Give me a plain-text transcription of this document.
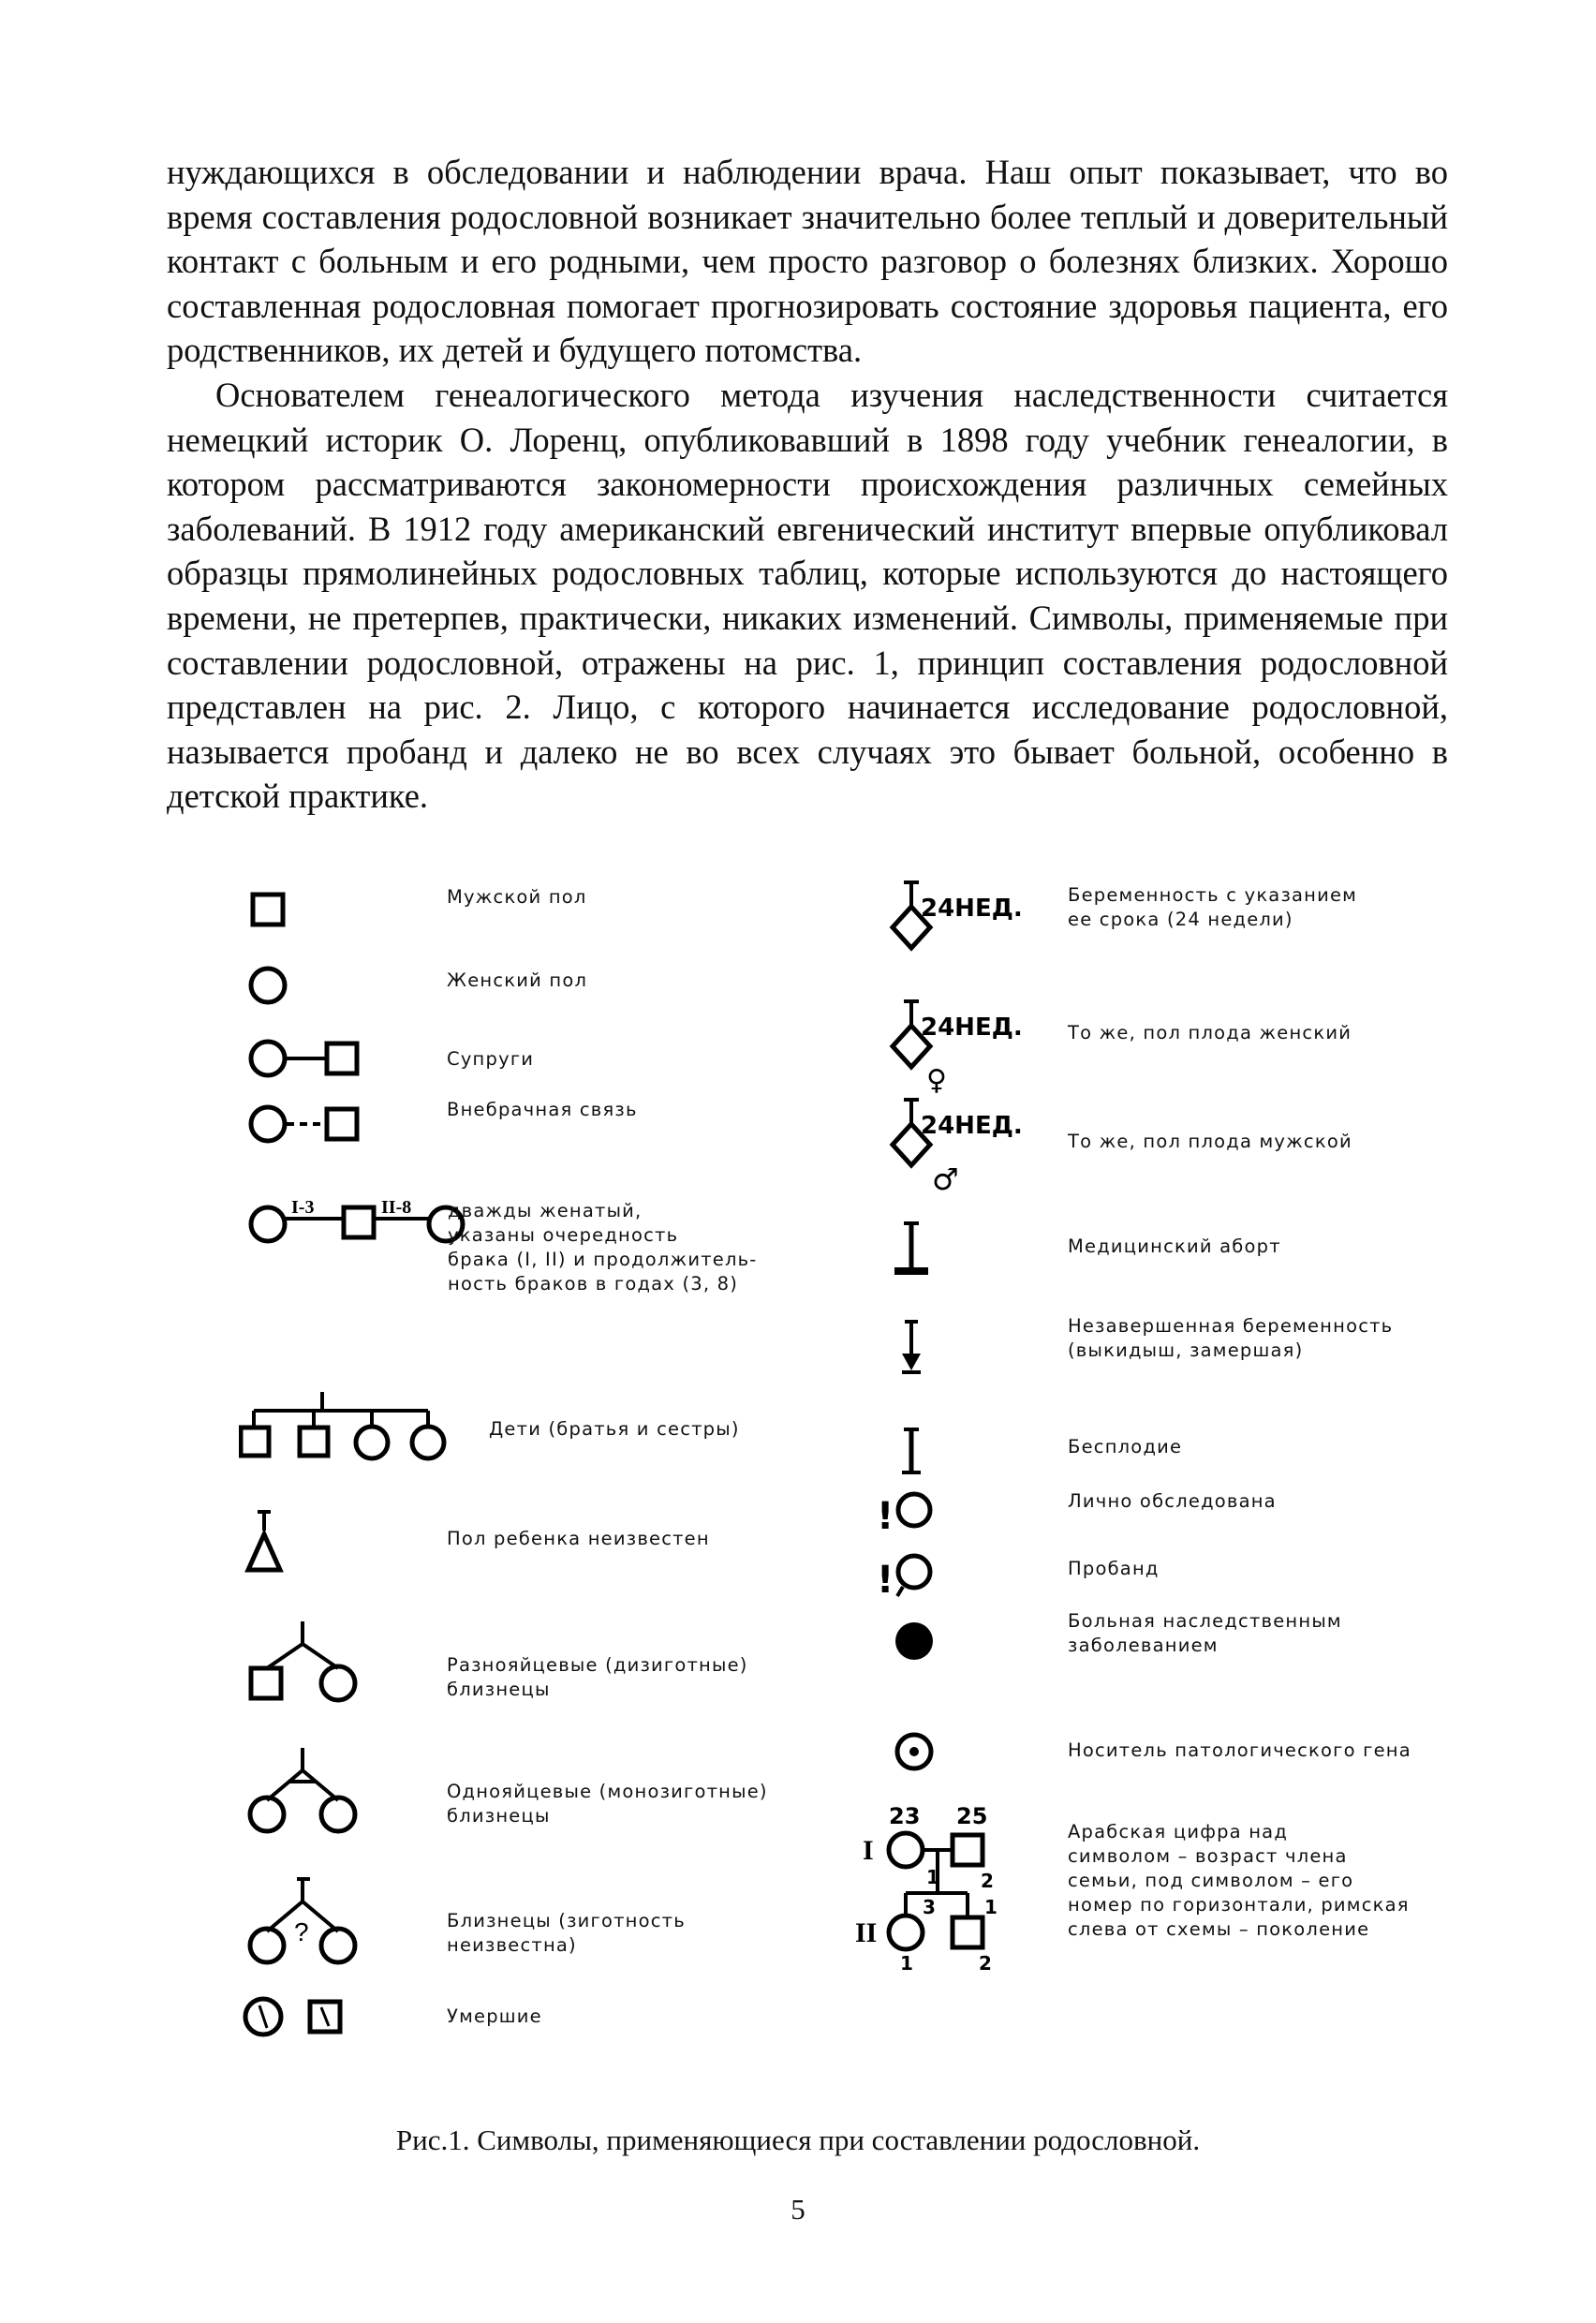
нуждающихся в обследовании и наблюдении врача. Наш опыт показывает, что во время составления родословной возникает значительно более теплый и доверительный контакт с больным и его родными, чем просто разговор о болезнях близких. Хорошо составленная родословная помогает прогнозировать состояние здоровья пациента, его родственников, их детей и будущего потомства.

Основателем генеалогического метода изучения наследственности считается немецкий историк О. Лоренц, опубликовавший в 1898 году учебник генеалогии, в котором рассматриваются закономерности происхождения различных семейных заболеваний. В 1912 году американский евгенический институт впервые опубликовал образцы прямолинейных родословных таблиц, которые используются до настоящего времени, не претерпев, практически, никаких изменений. Символы, применяемые при составлении родословной, отражены на рис. 1, принцип составления родословной представлен на рис. 2. Лицо, с которого начинается исследование родословной, называется пробанд и далеко не во всех случаях это бывает больной, особенно в детской практике.

Мужской пол
Женский пол
Супруги
Внебрачная связь
I-3	II-8 дважды женатый,
указаны очередность
брака (I, II) и продолжитель-
ность браков в годах (3, 8)
Дети (братья и сестры)
Пол ребенка неизвестен
Разнояйцевые (дизиготные)
близнецы
Однояйцевые (монозиготные)
близнецы
?	Близнецы (зиготность
неизвестна)
Умершие
24НЕД. Беременность с указанием
ее срока (24 недели)
24НЕД.
♀
То же, пол плода женский
24НЕД.
♂
То же, пол плода мужской
Медицинский аборт
Незавершенная беременность
(выкидыш, замершая)
Бесплодие
!	Лично обследована
!	Пробанд
Больная наследственным
заболеванием
Носитель патологического гена
23 25
I
1 2
3	1
II
1	2
Арабская цифра над
символом – возраст члена
семьи, под символом – его
номер по горизонтали, римская
слева от схемы – поколение
Рис.1. Символы, применяющиеся при составлении родословной.
5
